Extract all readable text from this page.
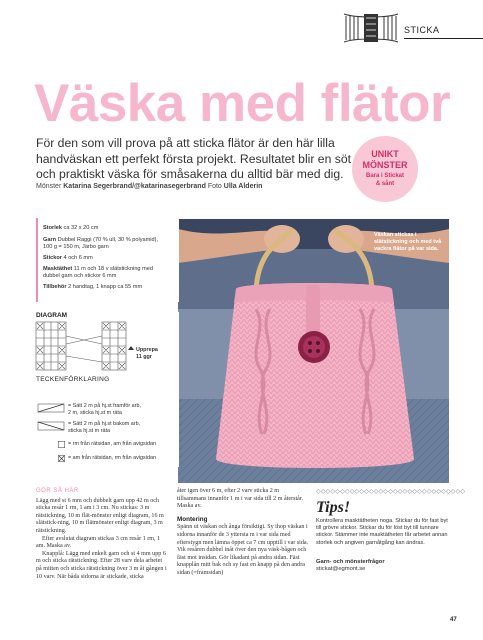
STICKA
Väska med flätor
För den som vill prova på att sticka flätor är den här lilla handväskan ett perfekt första projekt. Resultatet blir en söt och praktiskt väska för småsakerna du alltid bär med dig.
Mönster Katarina Segerbrand/@katarinasegerbrand Foto Ulla Alderin
UNIKT
MÖNSTER
Bara i Stickat
& sånt
Väskan stickas i slätstickning och med två vackra flätor på var sida.
Storlek ca 32 x 20 cm
Garn Dubbel Raggi (70 % ull, 30 % polyamid),
100 g = 150 m, Järbo garn
Stickor 4 och 6 mm
Masktäthet 11 m och 18 v slätstickning med
dubbel garn och stickor 6 mm
Tillbehör 2 handtag, 1 knapp ca 55 mm
DIAGRAM
Upprepa
11 ggr
TECKENFÖRKLARING
= Sätt 2 m på hj.st framför arb,
2 m, sticka hj.st m räta
= Sätt 2 m på hj.st bakom arb,
sticka hj.st m räta
= rm från rätsidan, am från avigsidan
= am från rätsidan, rm från avigsidan
GÖR SÅ HÄR

Lägg med st 6 mm och dubbelt garn upp 42 m och sticka resår 1 rm, 1 am i 3 cm. Nu stickas: 3 m rätstickning, 10 m flät-mönster enligt diagram, 16 m slätstick-ning, 10 m flätmönster enligt diagram, 3 m rätstickning.

Efter avslutat diagram stickas 3 cm resår 1 rm, 1 am. Maska av.

Knapplå: Lägg med enkelt garn och st 4 mm upp 6 m och sticka rätstickning. Efter 28 varv dela arbetet på mitten och sticka rätstickning över 3 m åt gången i 10 varv. När båda sidorna är stickade, sticka

åter igen över 6 m, efter 2 varv sticka 2 m tillsammans innanför 1 m i var sida till 2 m återstår. Maska av.

Montering

Spänn ut väskan och ånga försiktigt. Sy ihop väskan i sidorna innanför de 3 yttersta m i var sida med efterstygn men lämna öppet ca 7 cm upptill i var sida. Vik resåren dubbel inåt över den nya väsk-bågen och fäst mot insidan. Gör likadant på andra sidan. Fäst knapplån mitt bak och sy fast en knapp på den andra sidan (=framsidan)

◇◇◇◇◇◇◇◇◇◇◇◇◇◇◇◇◇◇◇◇◇◇◇◇◇◇◇◇◇◇◇
Tips!
Kontrollera masktätheten noga. Stickar du för fast byt till grövre stickor. Stickar du för löst byt till tunnare stickor. Stämmer inte masktätheten får arbetet annan storlek och angiven garnåtgång kan ändras.
Garn- och mönsterfrågor
stickat@egmont.se
47
